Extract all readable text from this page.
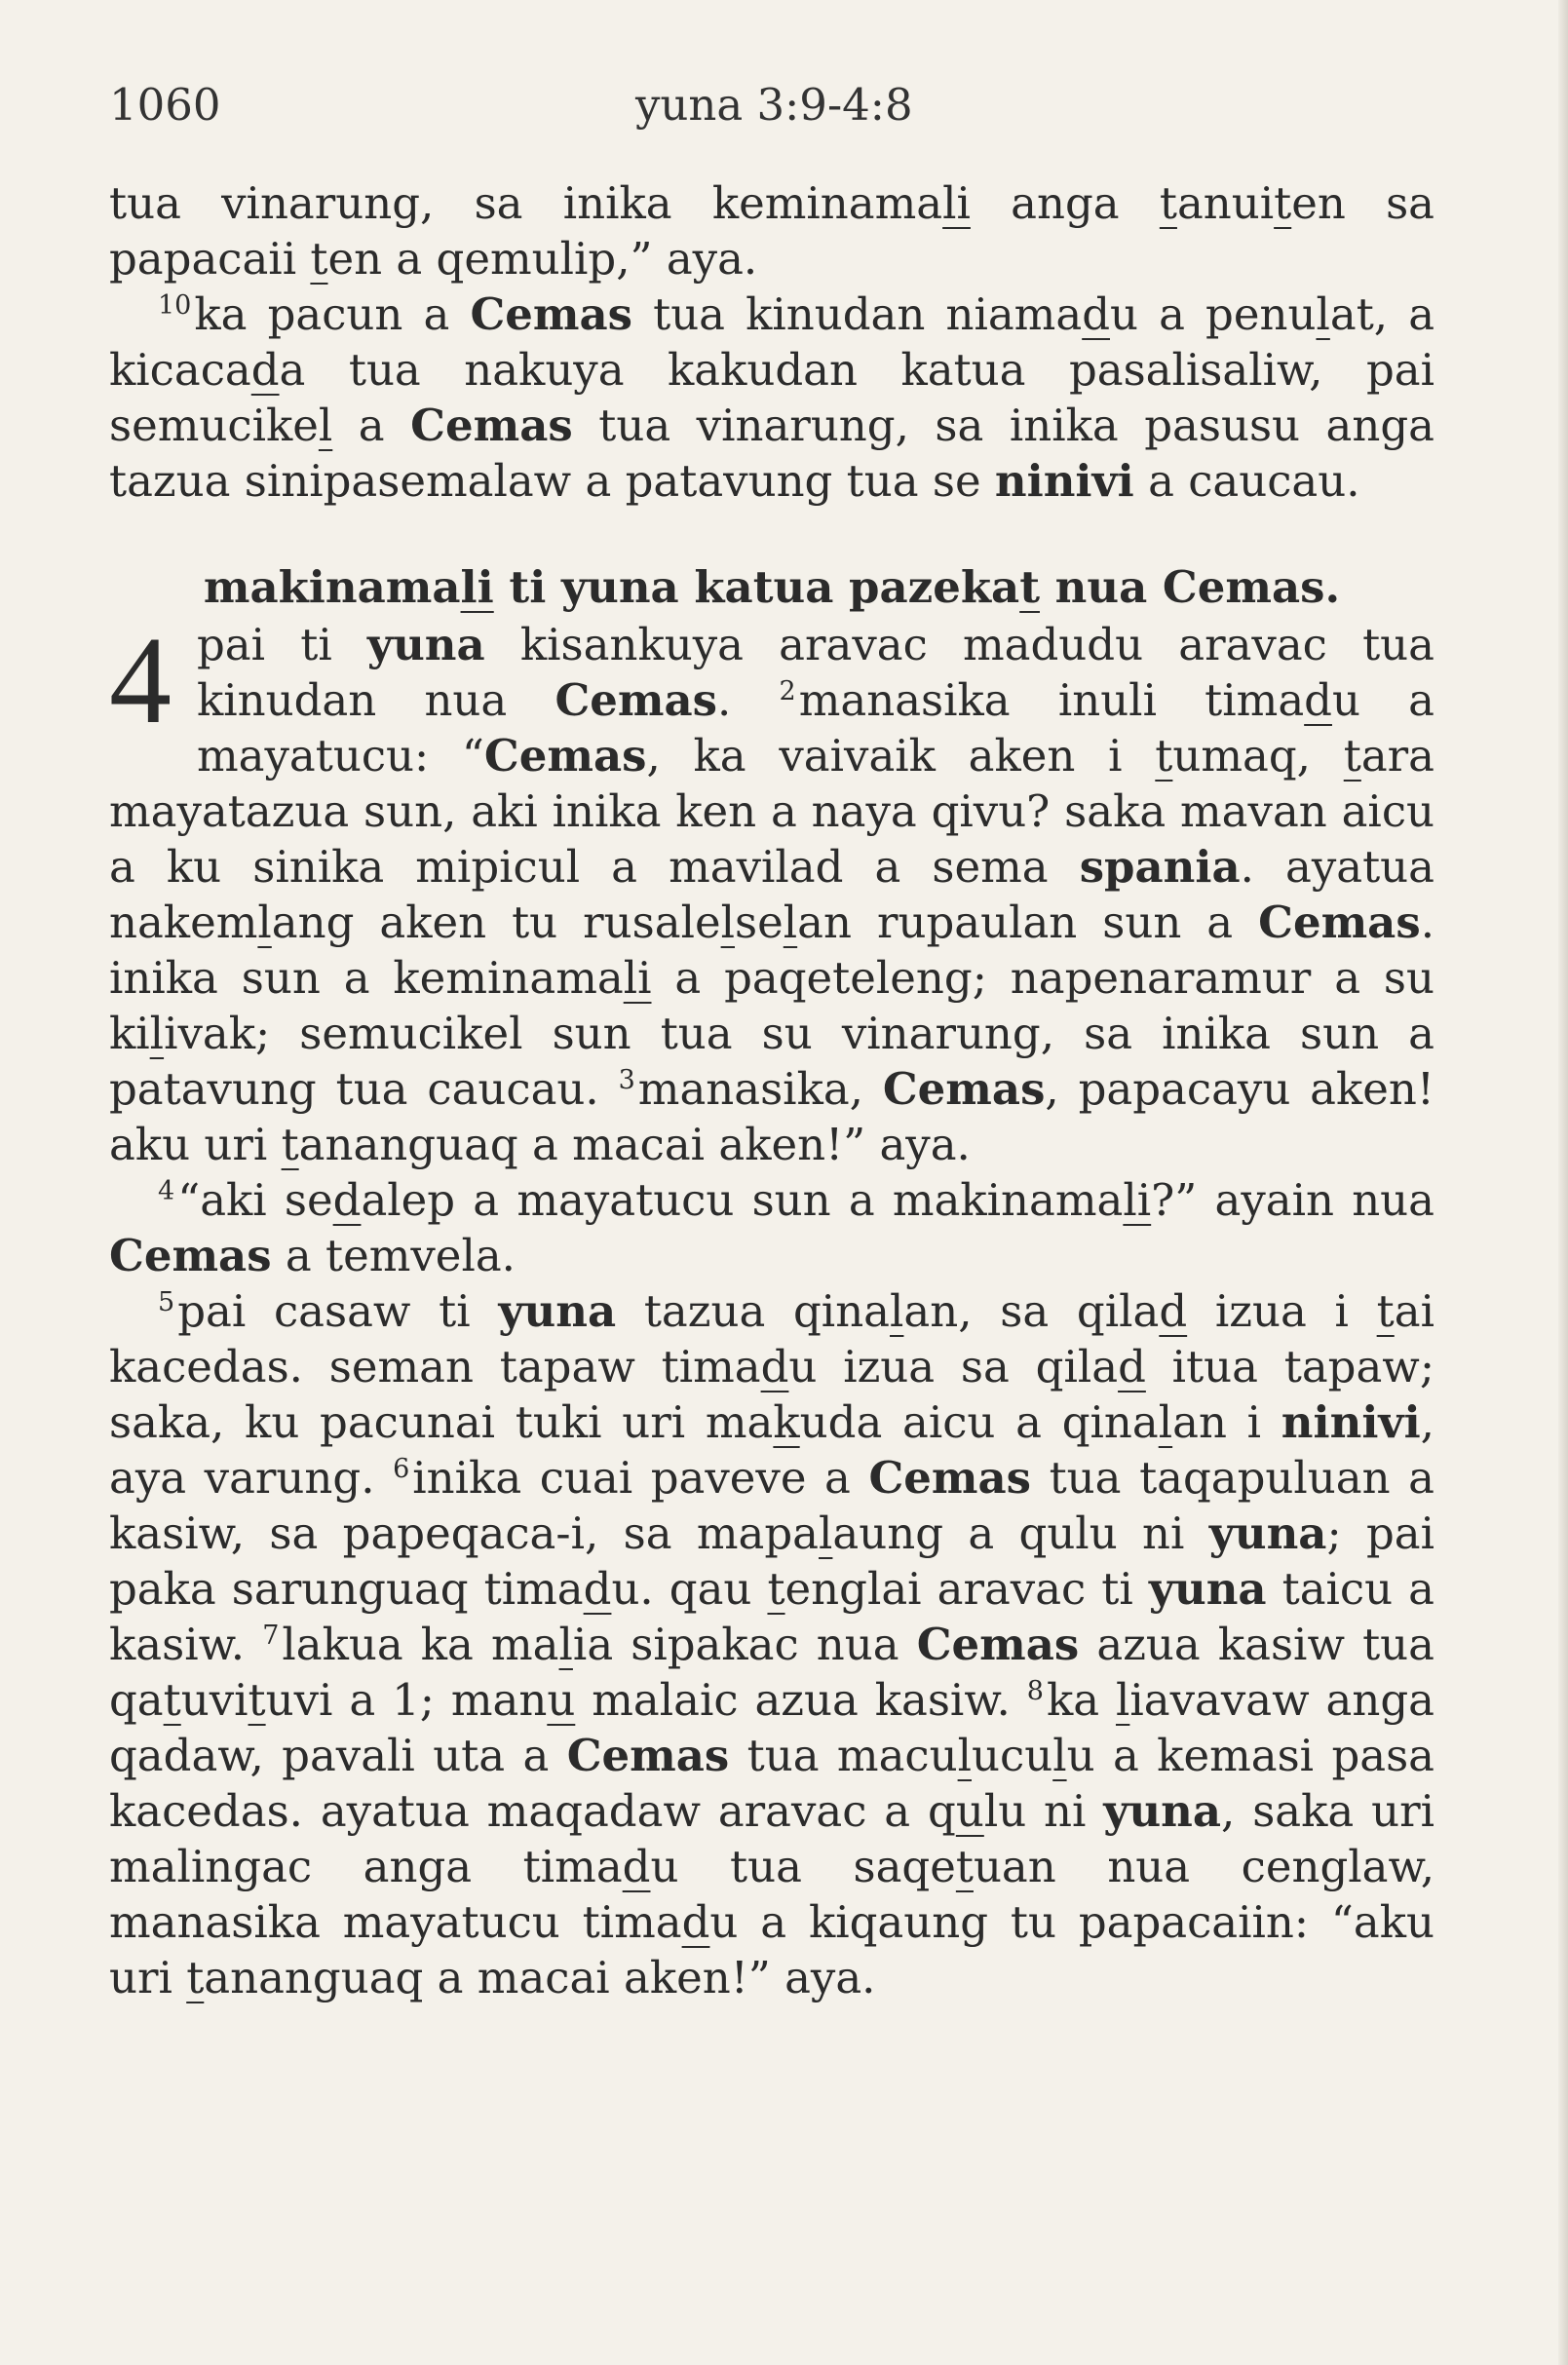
1060	yuna 3:9-4:8

tua vinarung, sa inika keminamali anga tanuiten sa papacaii ten a qemulip,” aya.

$^{10}$ka pacun a Cemas tua kinudan niamadu a penulat, a kicacada tua nakuya kakudan katua pasalisaliw, pai semucikel a Cemas tua vinarung, sa inika pasusu anga tazua sinipasemalaw a patavung tua se ninivi a caucau.

makinamali ti yuna katua pazekat nua Cemas.

4 pai ti yuna kisankuya aravac madudu aravac tua kinudan nua Cemas. $^2$manasika inuli timadu a mayatucu: “Cemas, ka vaivaik aken i tumaq, tara mayatazua sun, aki inika ken a naya qivu? saka mavan aicu a ku sinika mipicul a mavilad a sema spania. ayatua nakemlang aken tu rusalelselan rupaulan sun a Cemas. inika sun a keminamali a paqeteleng; napenaramur a su kilivak; semucikel sun tua su vinarung, sa inika sun a patavung tua caucau. $^3$manasika, Cemas, papacayu aken! aku uri tananguaq a macai aken!” aya.

$^4$“aki sedalep a mayatucu sun a makinamali?” ayain nua Cemas a temvela.

$^5$pai casaw ti yuna tazua qinalan, sa qilad izua i tai kacedas. seman tapaw timadu izua sa qilad itua tapaw; saka, ku pacunai tuki uri makuda aicu a qinalan i ninivi, aya varung. $^6$inika cuai paveve a Cemas tua taqapuluan a kasiw, sa papeqaca-i, sa mapalaung a qulu ni yuna; pai paka sarunguaq timadu. qau tenglai aravac ti yuna taicu a kasiw. $^7$lakua ka malia sipakac nua Cemas azua kasiw tua qatuvituvi a 1; manu malaic azua kasiw. $^8$ka liavavaw anga qadaw, pavali uta a Cemas tua maculuculu a kemasi pasa kacedas. ayatua maqadaw aravac a qulu ni yuna, saka uri malingac anga timadu tua saqetuan nua cenglaw, manasika mayatucu timadu a kiqaung tu papacaiin: “aku uri tananguaq a macai aken!” aya.
